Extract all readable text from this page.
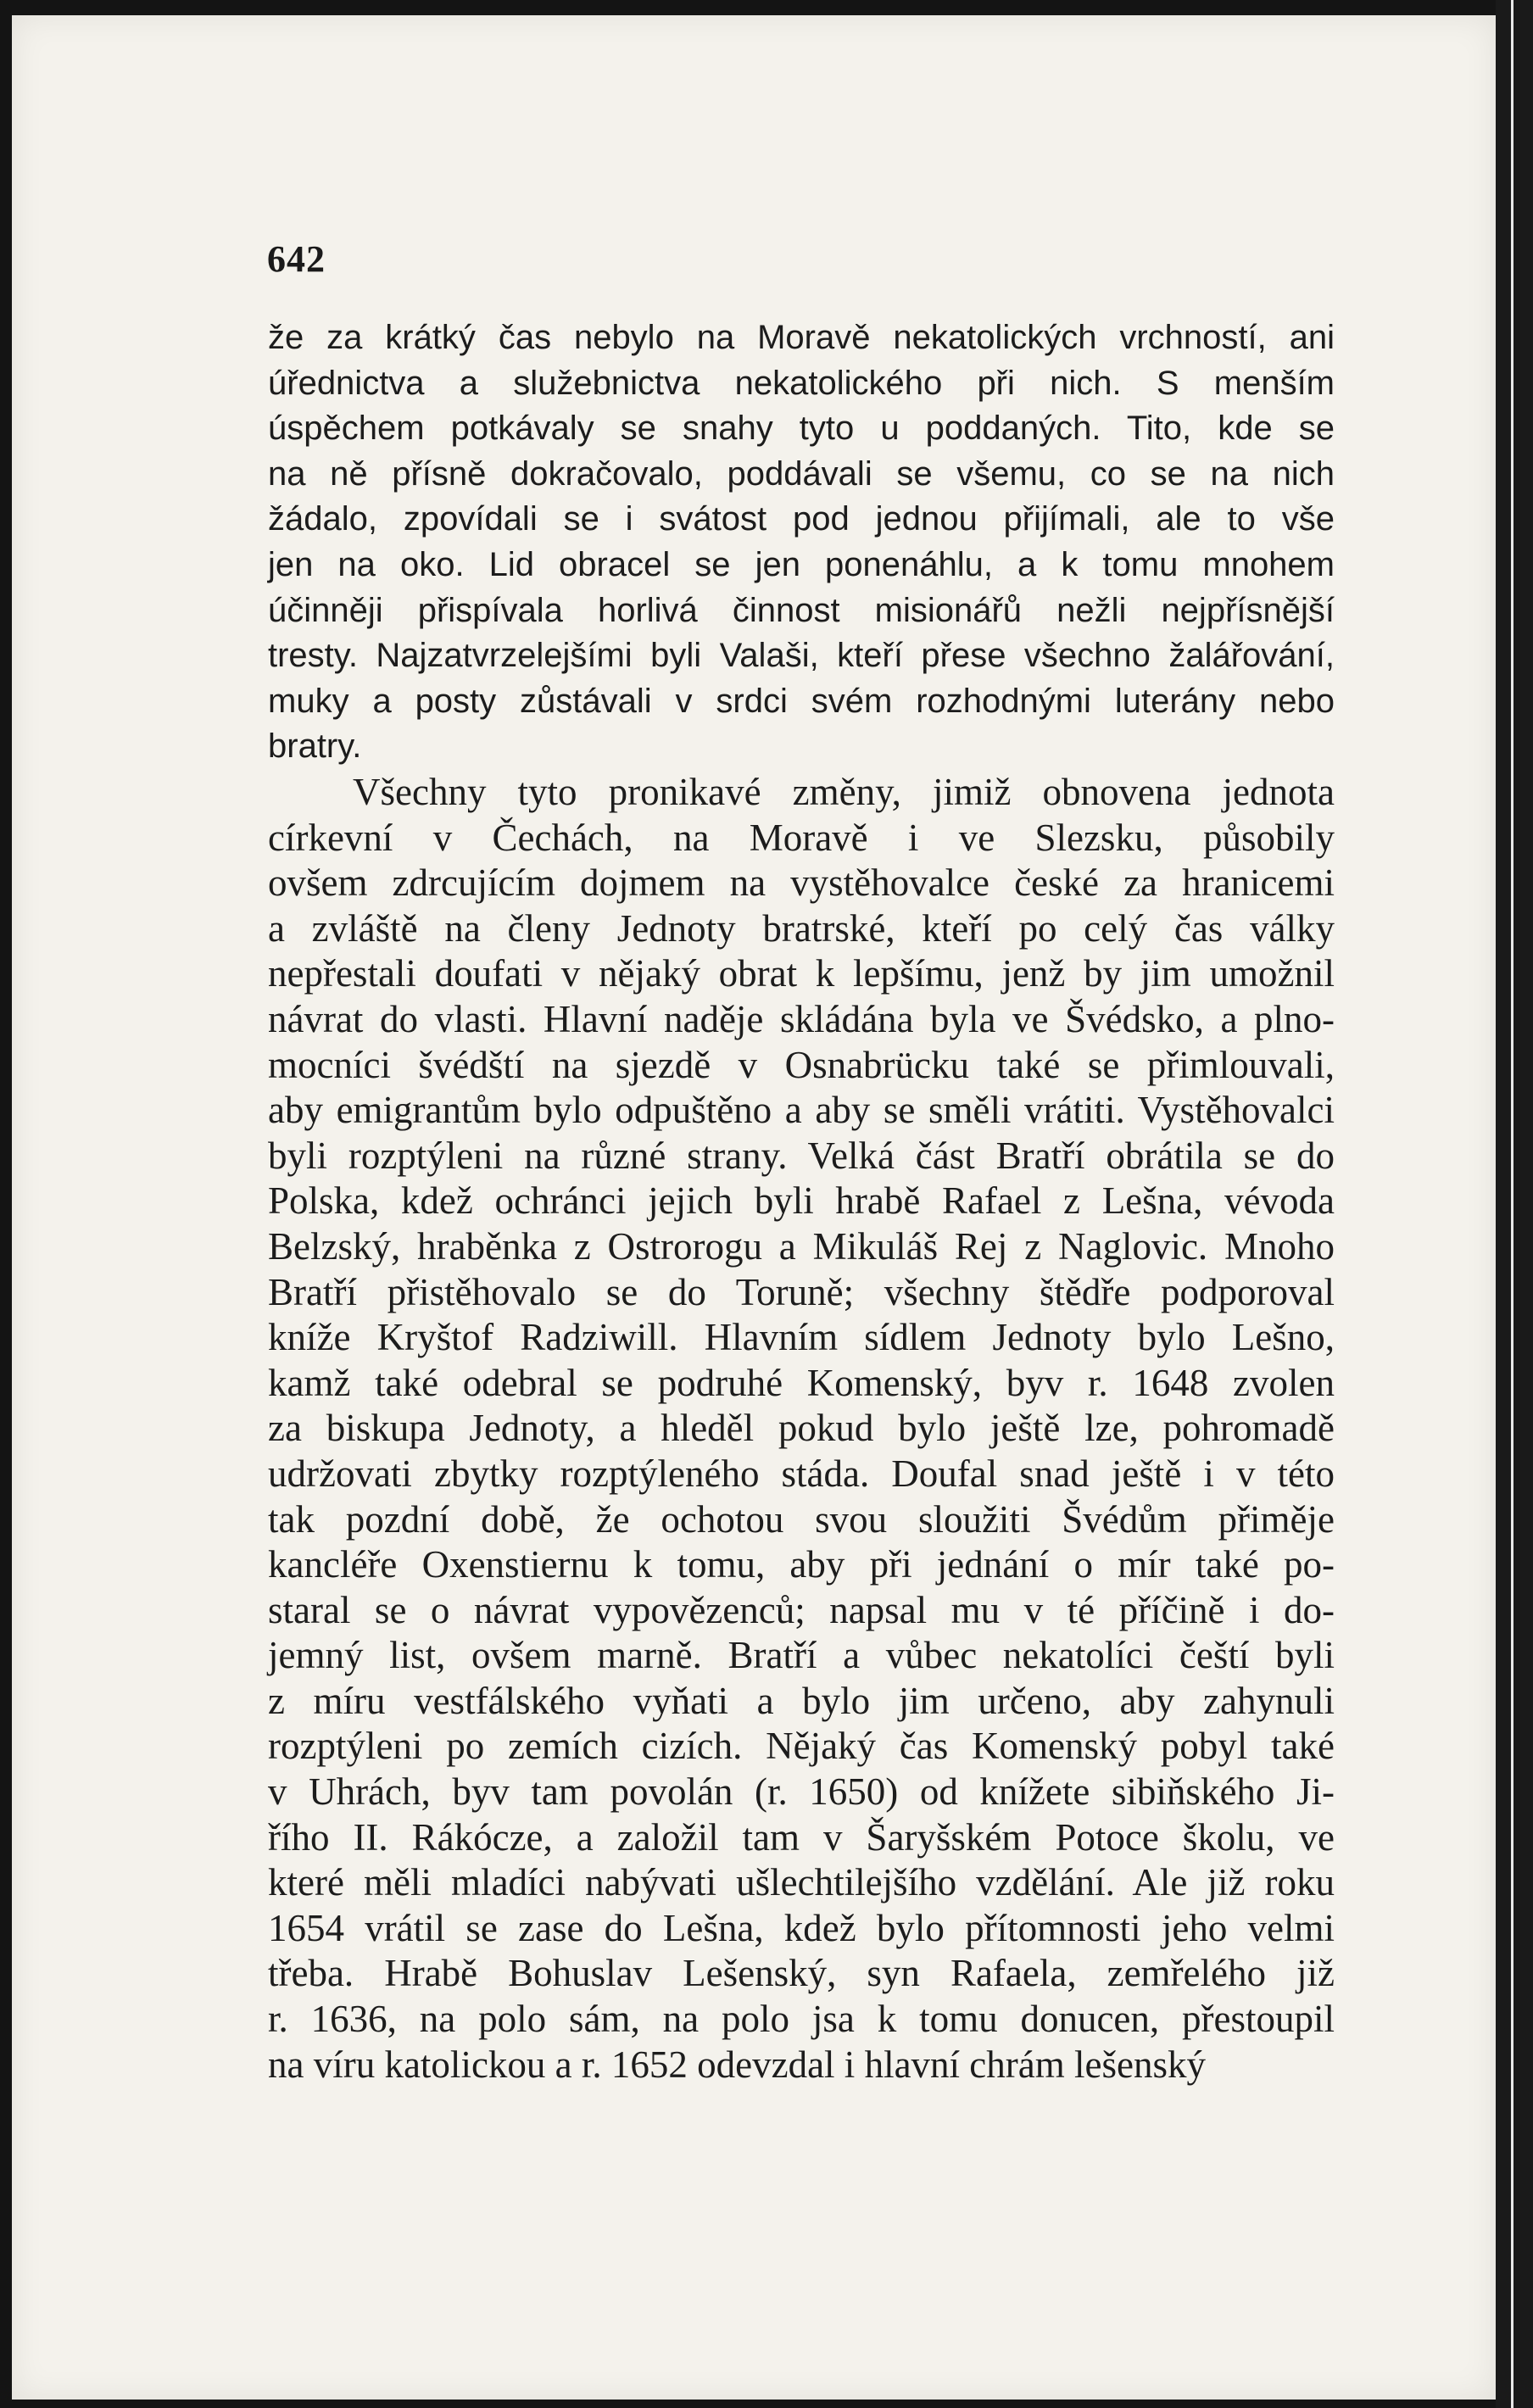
642
že za krátký čas nebylo na Moravě nekatolických vrchností, ani
úřednictva a služebnictva nekatolického při nich. S menším
úspěchem potkávaly se snahy tyto u poddaných. Tito, kde se
na ně přísně dokračovalo, poddávali se všemu, co se na nich
žádalo, zpovídali se i svátost pod jednou přijímali, ale to vše
jen na oko. Lid obracel se jen ponenáhlu, a k tomu mnohem
účinněji přispívala horlivá činnost misionářů nežli nejpřísnější
tresty. Najzatvrzelejšími byli Valaši, kteří přese všechno žalářování,
muky a posty zůstávali v srdci svém rozhodnými luterány nebo
bratry.
Všechny tyto pronikavé změny, jimiž obnovena jednota
církevní v Čechách, na Moravě i ve Slezsku, působily
ovšem zdrcujícím dojmem na vystěhovalce české za hranicemi
a zvláště na členy Jednoty bratrské, kteří po celý čas války
nepřestali doufati v nějaký obrat k lepšímu, jenž by jim umožnil
návrat do vlasti. Hlavní naděje skládána byla ve Švédsko, a plno-
mocníci švédští na sjezdě v Osnabrücku také se přimlouvali,
aby emigrantům bylo odpuštěno a aby se směli vrátiti. Vystěhovalci
byli rozptýleni na různé strany. Velká část Bratří obrátila se do
Polska, kdež ochránci jejich byli hrabě Rafael z Lešna, vévoda
Belzský, hraběnka z Ostrorogu a Mikuláš Rej z Naglovic. Mnoho
Bratří přistěhovalo se do Toruně; všechny štědře podporoval
kníže Kryštof Radziwill. Hlavním sídlem Jednoty bylo Lešno,
kamž také odebral se podruhé Komenský, byv r. 1648 zvolen
za biskupa Jednoty, a hleděl pokud bylo ještě lze, pohromadě
udržovati zbytky rozptýleného stáda. Doufal snad ještě i v této
tak pozdní době, že ochotou svou sloužiti Švédům přiměje
kancléře Oxenstiernu k tomu, aby při jednání o mír také po-
staral se o návrat vypovězenců; napsal mu v té příčině i do-
jemný list, ovšem marně. Bratří a vůbec nekatolíci čeští byli
z míru vestfálského vyňati a bylo jim určeno, aby zahynuli
rozptýleni po zemích cizích. Nějaký čas Komenský pobyl také
v Uhrách, byv tam povolán (r. 1650) od knížete sibiňského Ji-
řího II. Rákócze, a založil tam v Šaryšském Potoce školu, ve
které měli mladíci nabývati ušlechtilejšího vzdělání. Ale již roku
1654 vrátil se zase do Lešna, kdež bylo přítomnosti jeho velmi
třeba. Hrabě Bohuslav Lešenský, syn Rafaela, zemřelého již
r. 1636, na polo sám, na polo jsa k tomu donucen, přestoupil
na víru katolickou a r. 1652 odevzdal i hlavní chrám lešenský
